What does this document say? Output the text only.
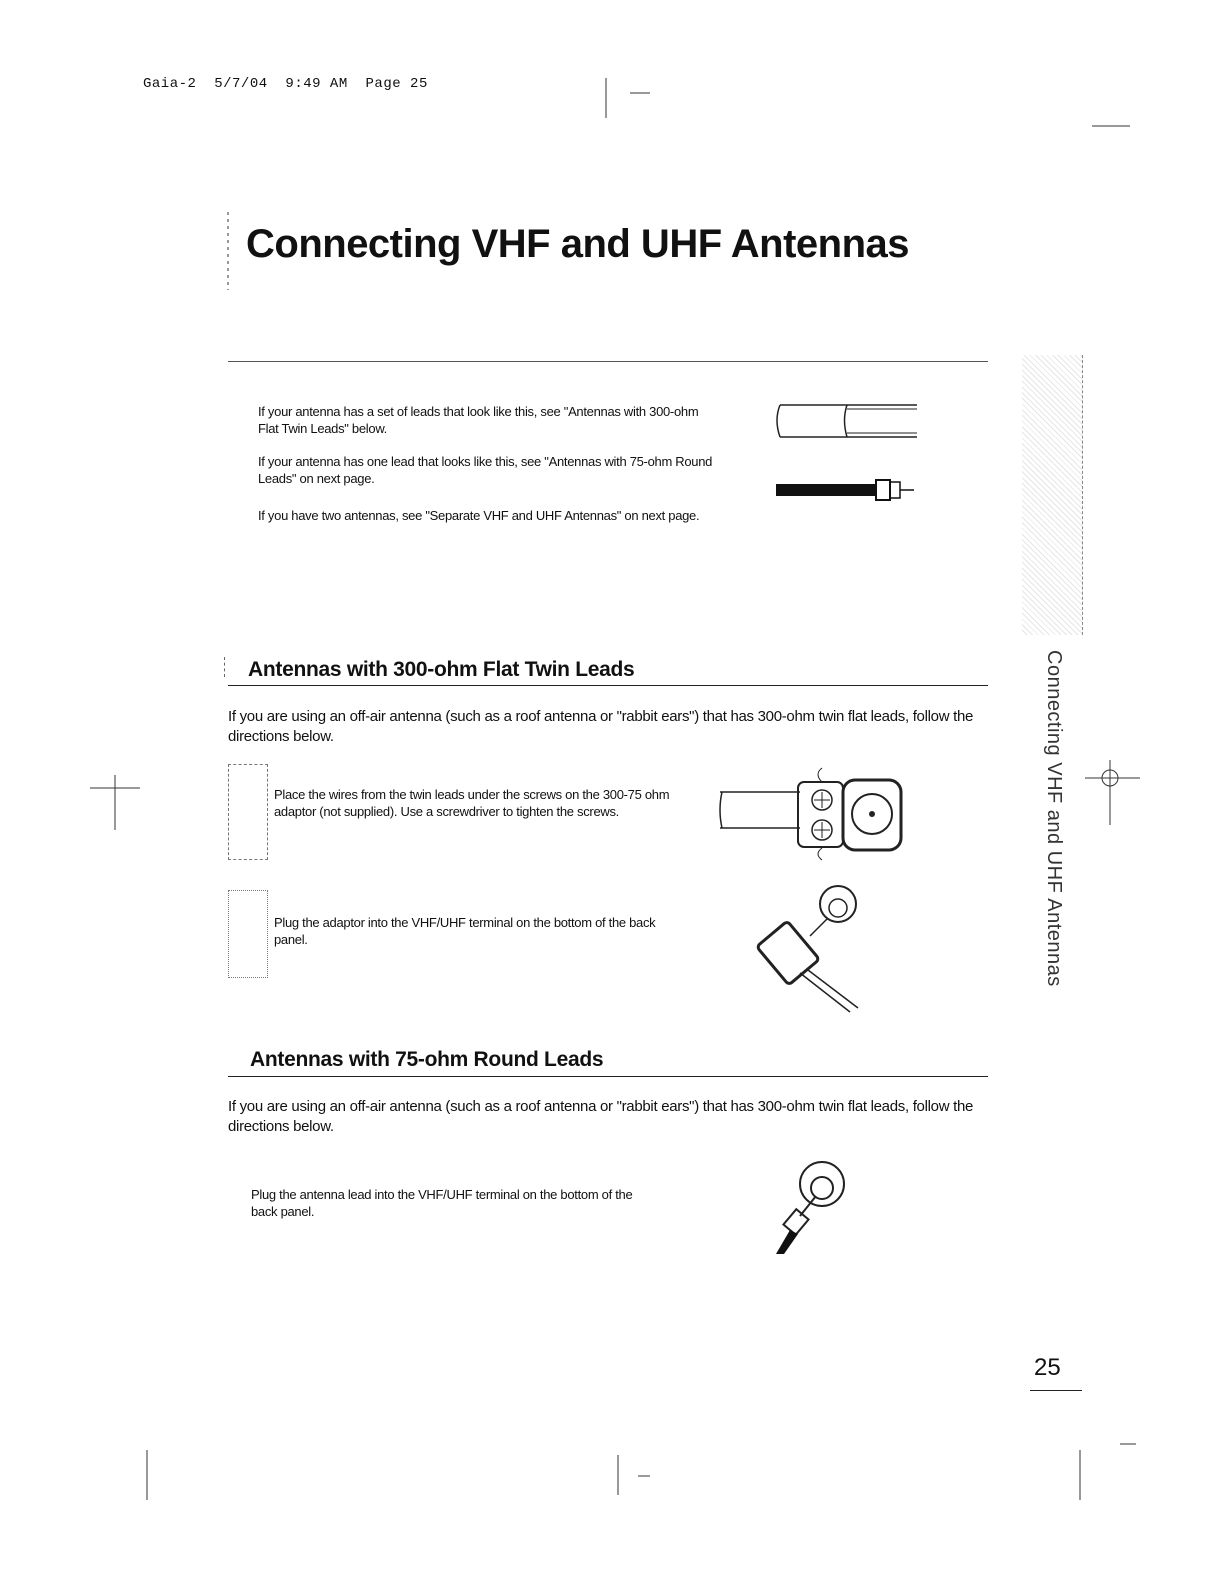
Gaia-2  5/7/04  9:49 AM  Page 25
Connecting VHF and UHF Antennas
If your antenna has a set of leads that look like this, see "Antennas with 300-ohm Flat Twin Leads" below.
If your antenna has one lead that looks like this, see "Antennas with 75-ohm Round Leads" on next page.
If you have two antennas, see "Separate VHF and UHF Antennas" on next page.
Antennas with 300-ohm Flat Twin Leads
If you are using an off-air antenna (such as a roof antenna or "rabbit ears") that has 300-ohm twin flat leads, follow the directions below.
Place the wires from the twin leads under the screws on the 300-75 ohm adaptor (not supplied). Use a screwdriver to tighten the screws.
Plug the adaptor into the VHF/UHF terminal on the bottom of the back panel.
Antennas with 75-ohm Round Leads
If you are using an off-air antenna (such as a roof antenna or "rabbit ears") that has 300-ohm twin flat leads, follow the directions below.
Plug the antenna lead into the VHF/UHF terminal on the bottom of the back panel.
Connecting VHF and UHF Antennas
25
